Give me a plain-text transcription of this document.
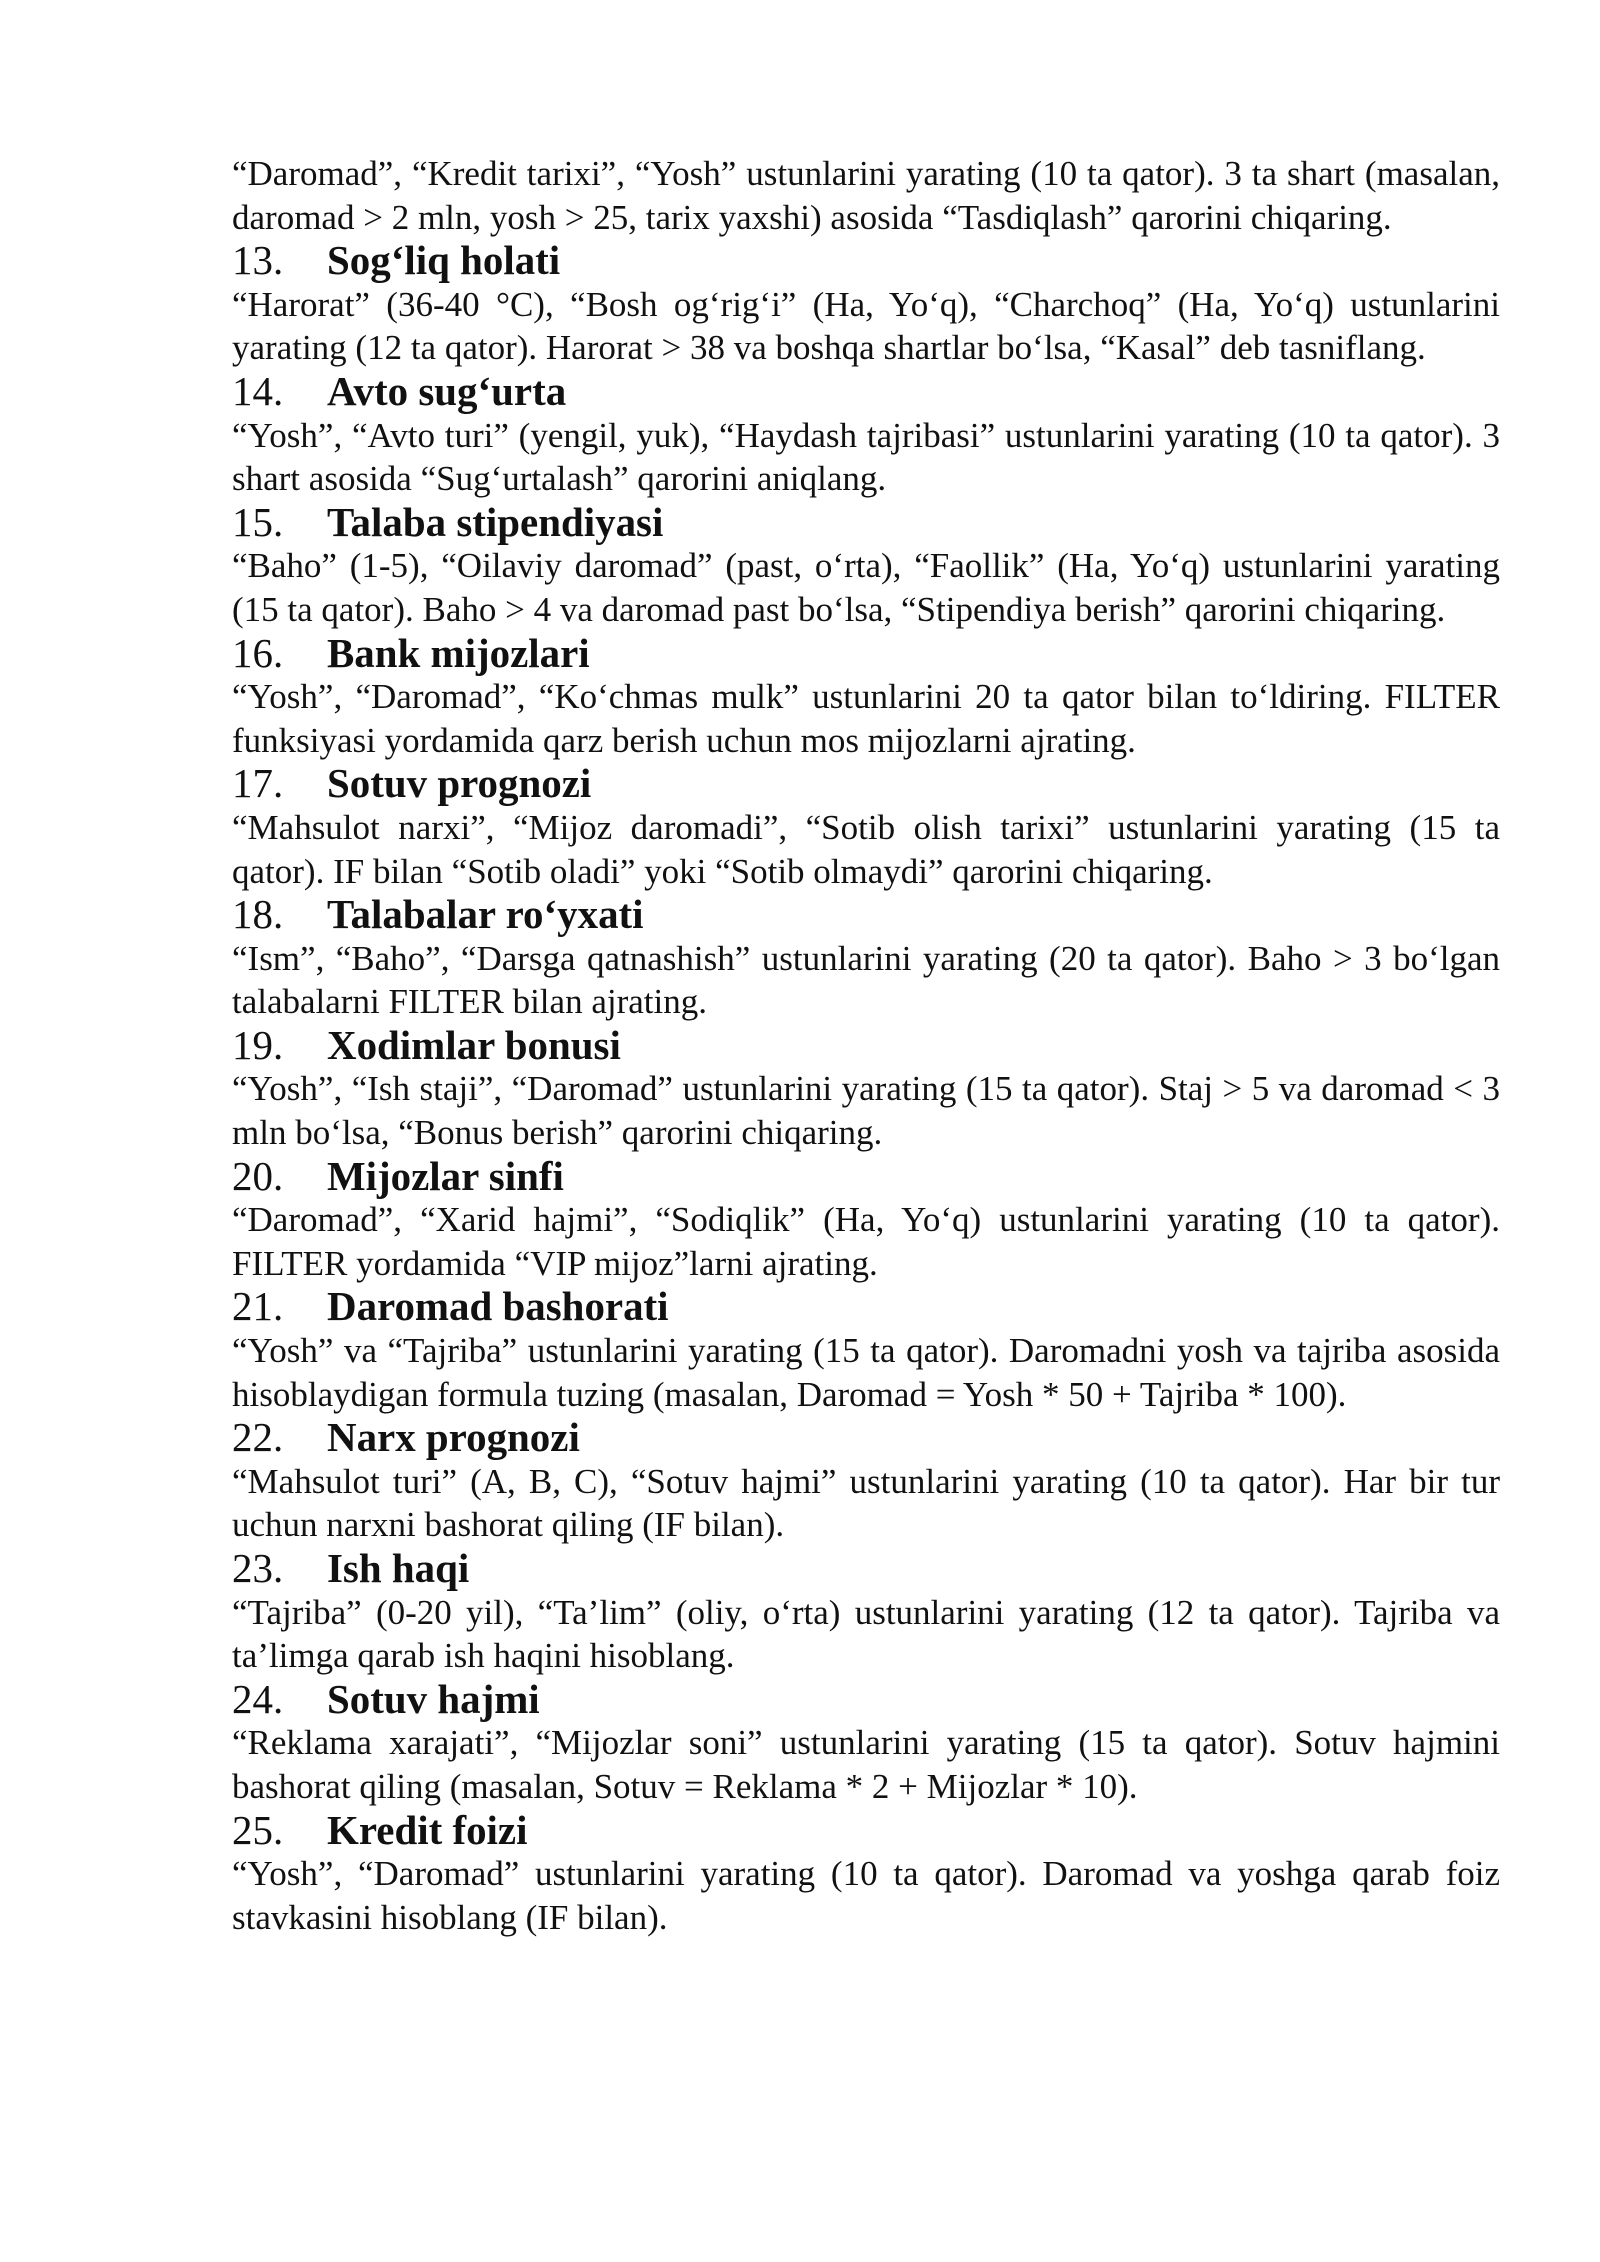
“Daromad”, “Kredit tarixi”, “Yosh” ustunlarini yarating (10 ta qator). 3 ta shart (masalan, daromad > 2 mln, yosh > 25, tarix yaxshi) asosida “Tasdiqlash” qarorini chiqaring.

13.	Sog‘liq holati

“Harorat” (36-40 °C), “Bosh og‘rig‘i” (Ha, Yo‘q), “Charchoq” (Ha, Yo‘q) ustunlarini yarating (12 ta qator). Harorat > 38 va boshqa shartlar bo‘lsa, “Kasal” deb tasniflang.

14.	Avto sug‘urta

“Yosh”, “Avto turi” (yengil, yuk), “Haydash tajribasi” ustunlarini yarating (10 ta qator). 3 shart asosida “Sug‘urtalash” qarorini aniqlang.

15.	Talaba stipendiyasi

“Baho” (1-5), “Oilaviy daromad” (past, o‘rta), “Faollik” (Ha, Yo‘q) ustunlarini yarating (15 ta qator). Baho > 4 va daromad past bo‘lsa, “Stipendiya berish” qarorini chiqaring.

16.	Bank mijozlari

“Yosh”, “Daromad”, “Ko‘chmas mulk” ustunlarini 20 ta qator bilan to‘ldiring. FILTER funksiyasi yordamida qarz berish uchun mos mijozlarni ajrating.

17.	Sotuv prognozi

“Mahsulot narxi”, “Mijoz daromadi”, “Sotib olish tarixi” ustunlarini yarating (15 ta qator). IF bilan “Sotib oladi” yoki “Sotib olmaydi” qarorini chiqaring.

18.	Talabalar ro‘yxati

“Ism”, “Baho”, “Darsga qatnashish” ustunlarini yarating (20 ta qator). Baho > 3 bo‘lgan talabalarni FILTER bilan ajrating.

19.	Xodimlar bonusi

“Yosh”, “Ish staji”, “Daromad” ustunlarini yarating (15 ta qator). Staj > 5 va daromad < 3 mln bo‘lsa, “Bonus berish” qarorini chiqaring.

20.	Mijozlar sinfi

“Daromad”, “Xarid hajmi”, “Sodiqlik” (Ha, Yo‘q) ustunlarini yarating (10 ta qator). FILTER yordamida “VIP mijoz”larni ajrating.

21.	Daromad bashorati

“Yosh” va “Tajriba” ustunlarini yarating (15 ta qator). Daromadni yosh va tajriba asosida hisoblaydigan formula tuzing (masalan, Daromad = Yosh * 50 + Tajriba * 100).

22.	Narx prognozi

“Mahsulot turi” (A, B, C), “Sotuv hajmi” ustunlarini yarating (10 ta qator). Har bir tur uchun narxni bashorat qiling (IF bilan).

23.	Ish haqi

“Tajriba” (0-20 yil), “Ta’lim” (oliy, o‘rta) ustunlarini yarating (12 ta qator). Tajriba va ta’limga qarab ish haqini hisoblang.

24.	Sotuv hajmi

“Reklama xarajati”, “Mijozlar soni” ustunlarini yarating (15 ta qator). Sotuv hajmini bashorat qiling (masalan, Sotuv = Reklama * 2 + Mijozlar * 10).

25.	Kredit foizi

“Yosh”, “Daromad” ustunlarini yarating (10 ta qator). Daromad va yoshga qarab foiz stavkasini hisoblang (IF bilan).
